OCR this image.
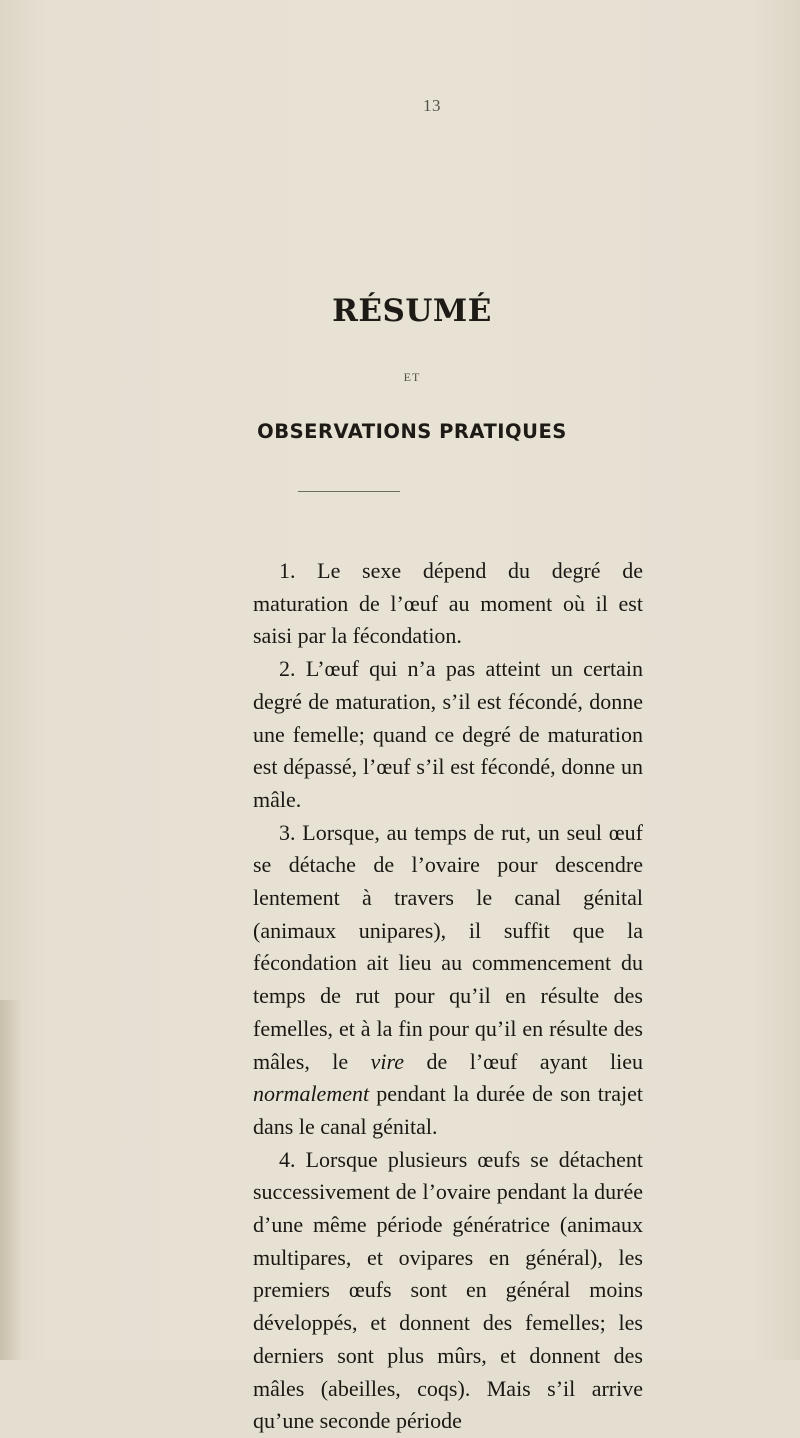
13
RÉSUMÉ
ET
OBSERVATIONS PRATIQUES

1. Le sexe dépend du degré de maturation de l’œuf au moment où il est saisi par la fécondation.

2. L’œuf qui n’a pas atteint un certain degré de maturation, s’il est fécondé, donne une femelle; quand ce degré de maturation est dépassé, l’œuf s’il est fécondé, donne un mâle.

3. Lorsque, au temps de rut, un seul œuf se détache de l’ovaire pour descendre lentement à travers le canal génital (animaux unipares), il suffit que la fécondation ait lieu au commencement du temps de rut pour qu’il en résulte des femelles, et à la fin pour qu’il en résulte des mâles, le vire de l’œuf ayant lieu normalement pendant la durée de son trajet dans le canal génital.

4. Lorsque plusieurs œufs se détachent successivement de l’ovaire pendant la durée d’une même période génératrice (animaux multipares, et ovipares en général), les premiers œufs sont en général moins développés, et donnent des femelles; les derniers sont plus mûrs, et donnent des mâles (abeilles, coqs). Mais s’il arrive qu’une seconde période
